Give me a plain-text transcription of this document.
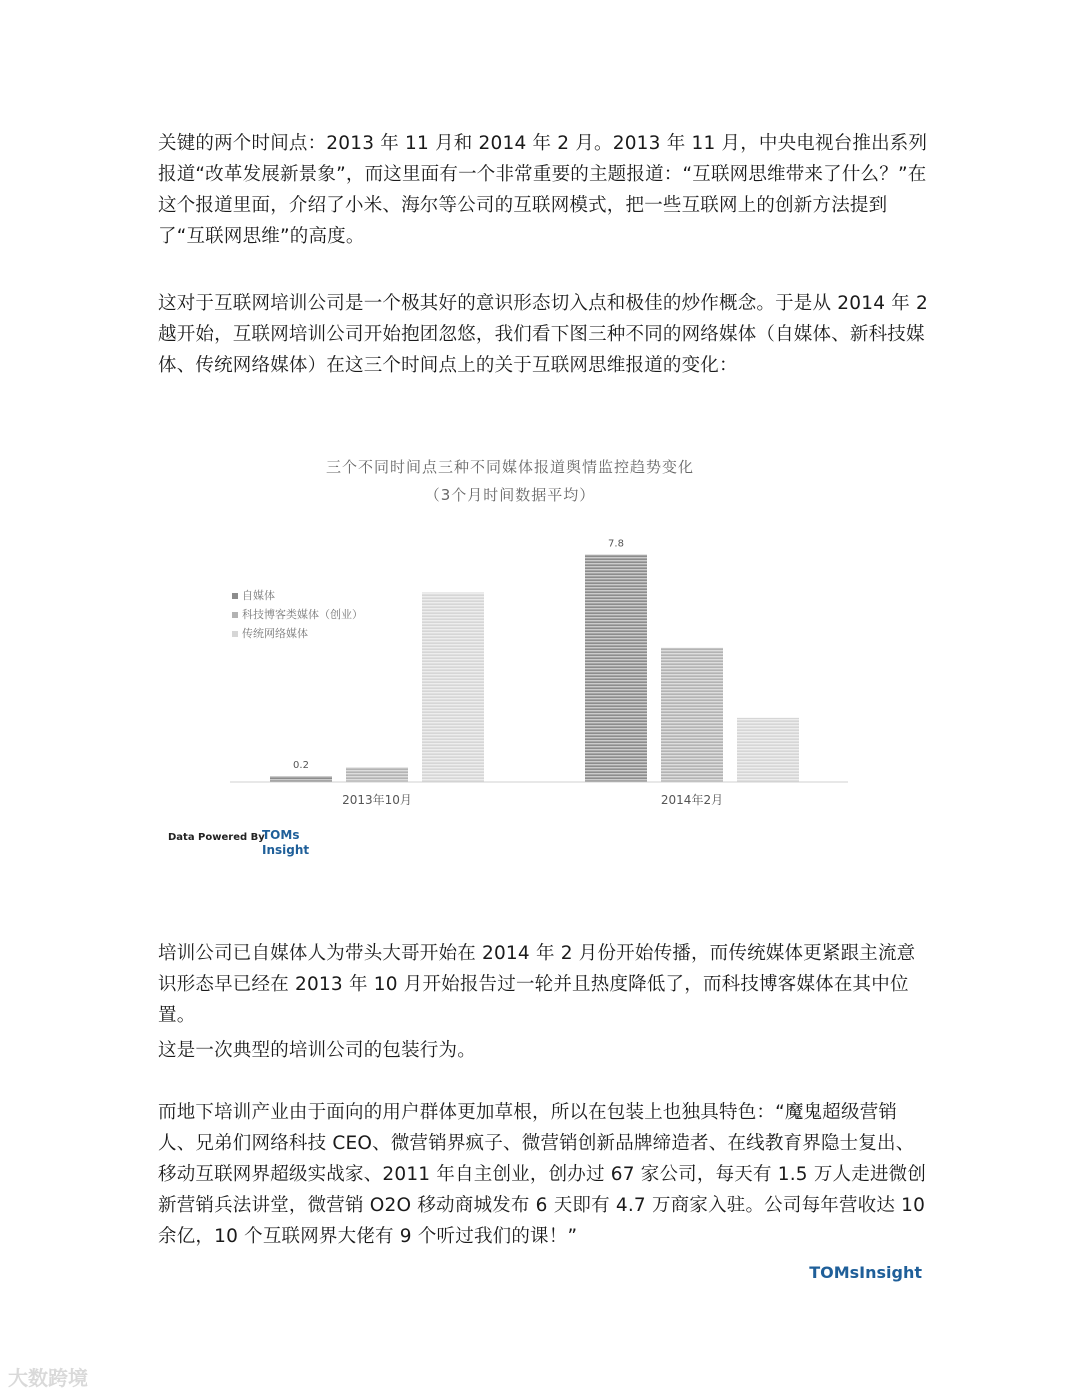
关键的两个时间点：2013 年 11 月和 2014 年 2 月。2013 年 11 月，中央电视台推出系列报道“改革发展新景象”，而这里面有一个非常重要的主题报道：“互联网思维带来了什么？”在这个报道里面，介绍了小米、海尔等公司的互联网模式，把一些互联网上的创新方法提到了“互联网思维”的高度。

这对于互联网培训公司是一个极其好的意识形态切入点和极佳的炒作概念。于是从 2014 年 2 越开始，互联网培训公司开始抱团忽悠，我们看下图三种不同的网络媒体（自媒体、新科技媒体、传统网络媒体）在这三个时间点上的关于互联网思维报道的变化：

三个不同时间点三种不同媒体报道舆情监控趋势变化
（3个月时间数据平均）
自媒体
科技博客类媒体（创业）
传统网络媒体
2013年10月	2014年2月
0.2
7.8
Data Powered By
TOMs
Insight

培训公司已自媒体人为带头大哥开始在 2014 年 2 月份开始传播，而传统媒体更紧跟主流意识形态早已经在 2013 年 10 月开始报告过一轮并且热度降低了，而科技博客媒体在其中位置。

这是一次典型的培训公司的包装行为。

而地下培训产业由于面向的用户群体更加草根，所以在包装上也独具特色：“魔鬼超级营销人、兄弟们网络科技 CEO、微营销界疯子、微营销创新品牌缔造者、在线教育界隐士复出、移动互联网界超级实战家、2011 年自主创业，创办过 67 家公司，每天有 1.5 万人走进微创新营销兵法讲堂，微营销 O2O 移动商城发布 6 天即有 4.7 万商家入驻。公司每年营收达 10 余亿，10 个互联网界大佬有 9 个听过我们的课！”

TOMsInsight
大数跨境
